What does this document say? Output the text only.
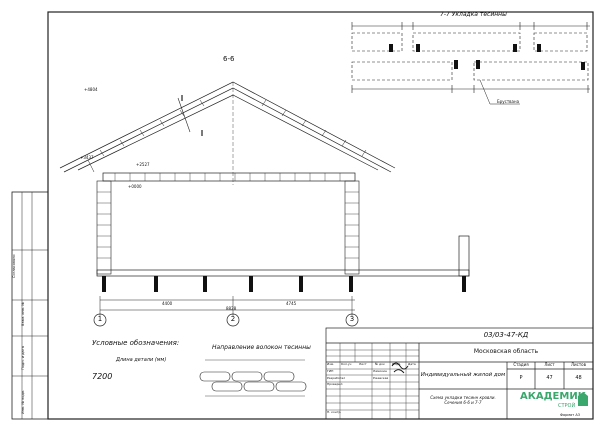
6-6
7-7 Укладка тесинны
Бруствана
+4804
+2527
+3437
+0000
4400	4745
8828
1	2	3
Условные обозначения:
Длина детали (мм)
7200
Направление волокон тесинны
03/03-47-КД
Московская область
Индивидуальный жилой дом
Схема укладки тесинн кровли. Сечения 6-6 и 7-7
Стадия	Лист	Листов
Р	47	48
Изм. Кол.уч	Лист	№ док Подп. Дата
ГИП
Разработал
Проверил
Н. контр.
Ламокин
Ржевская
Согласовано
Взам. инв. №
Подп. и дата
Инв. № подл.	АКАДЕМИК
СТРОЙ
Формат А3
